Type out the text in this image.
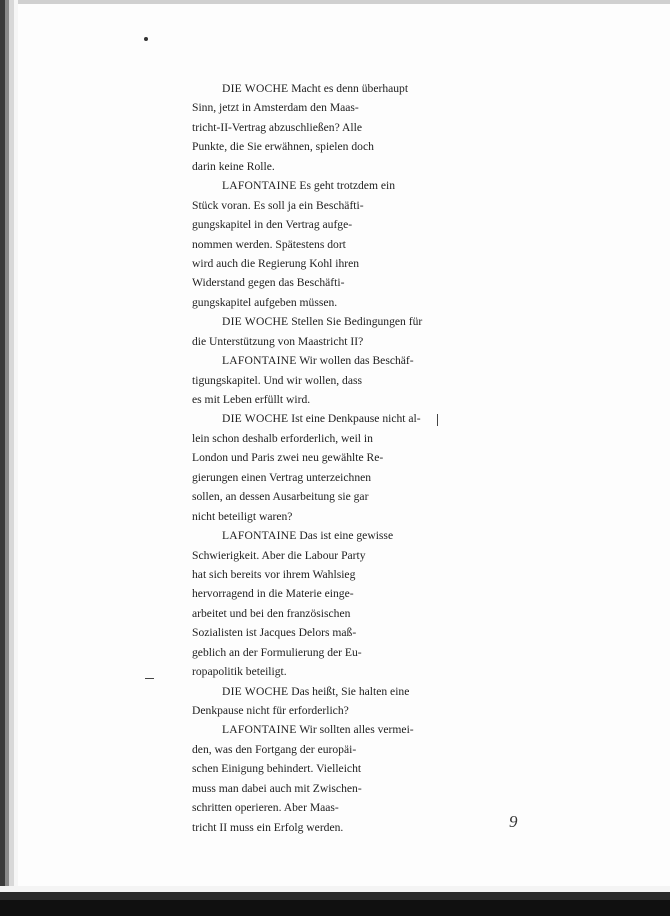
DIE WOCHE Macht es denn überhaupt
Sinn, jetzt in Amsterdam den Maas-
tricht-II-Vertrag abzuschließen? Alle
Punkte, die Sie erwähnen, spielen doch
darin keine Rolle.
LAFONTAINE Es geht trotzdem ein
Stück voran. Es soll ja ein Beschäfti-
gungskapitel in den Vertrag aufge-
nommen werden. Spätestens dort
wird auch die Regierung Kohl ihren
Widerstand gegen das Beschäfti-
gungskapitel aufgeben müssen.
DIE WOCHE Stellen Sie Bedingungen für
die Unterstützung von Maastricht II?
LAFONTAINE Wir wollen das Beschäf-
tigungskapitel. Und wir wollen, dass
es mit Leben erfüllt wird.
DIE WOCHE Ist eine Denkpause nicht al-
lein schon deshalb erforderlich, weil in
London und Paris zwei neu gewählte Re-
gierungen einen Vertrag unterzeichnen
sollen, an dessen Ausarbeitung sie gar
nicht beteiligt waren?
LAFONTAINE Das ist eine gewisse
Schwierigkeit. Aber die Labour Party
hat sich bereits vor ihrem Wahlsieg
hervorragend in die Materie einge-
arbeitet und bei den französischen
Sozialisten ist Jacques Delors maß-
geblich an der Formulierung der Eu-
ropapolitik beteiligt.
DIE WOCHE Das heißt, Sie halten eine
Denkpause nicht für erforderlich?
LAFONTAINE Wir sollten alles vermei-
den, was den Fortgang der europäi-
schen Einigung behindert. Vielleicht
muss man dabei auch mit Zwischen-
schritten operieren. Aber Maas-
tricht II muss ein Erfolg werden.	9
